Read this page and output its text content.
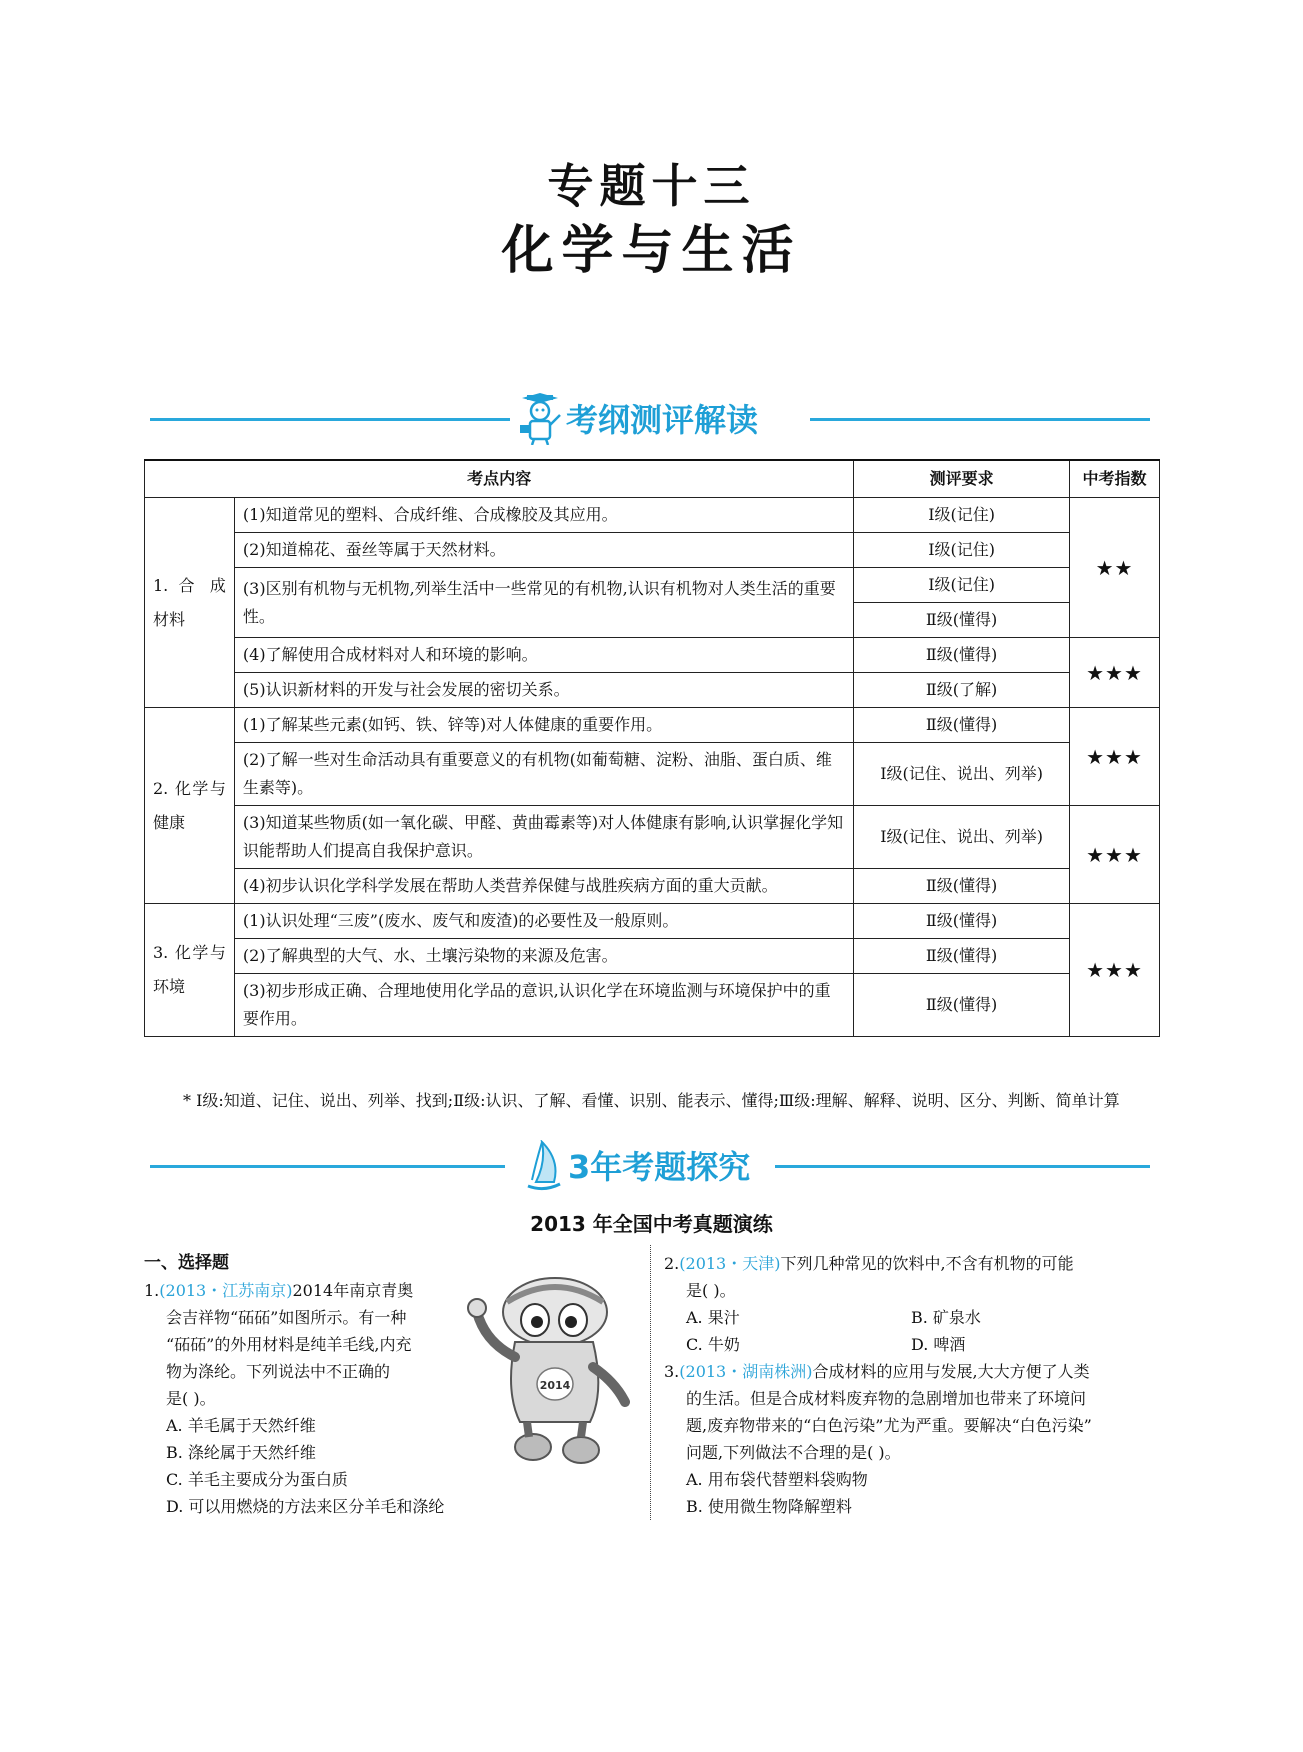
专题十三
化学与生活
考纲测评解读
考点内容		测评要求	中考指数
1. 合 成 材料	(1)知道常见的塑料、合成纤维、合成橡胶及其应用。	Ⅰ级(记住)	★★
	(2)知道棉花、蚕丝等属于天然材料。	Ⅰ级(记住)	
	(3)区别有机物与无机物,列举生活中一些常见的有机物,认识有机物对人类生活的重要性。	Ⅰ级(记住)	
		Ⅱ级(懂得)	
	(4)了解使用合成材料对人和环境的影响。	Ⅱ级(懂得)	★★★
	(5)认识新材料的开发与社会发展的密切关系。	Ⅱ级(了解)	
2. 化学与 健康	(1)了解某些元素(如钙、铁、锌等)对人体健康的重要作用。	Ⅱ级(懂得)	★★★
	(2)了解一些对生命活动具有重要意义的有机物(如葡萄糖、淀粉、油脂、蛋白质、维生素等)。	Ⅰ级(记住、说出、列举)	
	(3)知道某些物质(如一氧化碳、甲醛、黄曲霉素等)对人体健康有影响,认识掌握化学知识能帮助人们提高自我保护意识。	Ⅰ级(记住、说出、列举)	★★★
	(4)初步认识化学科学发展在帮助人类营养保健与战胜疾病方面的重大贡献。	Ⅱ级(懂得)	
3. 化学与 环境	(1)认识处理“三废”(废水、废气和废渣)的必要性及一般原则。	Ⅱ级(懂得)	★★★
	(2)了解典型的大气、水、土壤污染物的来源及危害。	Ⅱ级(懂得)	
	(3)初步形成正确、合理地使用化学品的意识,认识化学在环境监测与环境保护中的重要作用。	Ⅱ级(懂得)	
* Ⅰ级:知道、记住、说出、列举、找到;Ⅱ级:认识、了解、看懂、识别、能表示、懂得;Ⅲ级:理解、解释、说明、区分、判断、简单计算
3年考题探究
2013 年全国中考真题演练
一、选择题
1.(2013・江苏南京)2014年南京青奥
会吉祥物“砳砳”如图所示。有一种
“砳砳”的外用材料是纯羊毛线,内充
物为涤纶。下列说法中不正确的
是( )。
A. 羊毛属于天然纤维
B. 涤纶属于天然纤维
C. 羊毛主要成分为蛋白质
D. 可以用燃烧的方法来区分羊毛和涤纶
2014
2.(2013・天津)下列几种常见的饮料中,不含有机物的可能
是( )。
A. 果汁	B. 矿泉水
C. 牛奶	D. 啤酒
3.(2013・湖南株洲)合成材料的应用与发展,大大方便了人类
的生活。但是合成材料废弃物的急剧增加也带来了环境问
题,废弃物带来的“白色污染”尤为严重。要解决“白色污染”
问题,下列做法不合理的是( )。
A. 用布袋代替塑料袋购物
B. 使用微生物降解塑料
